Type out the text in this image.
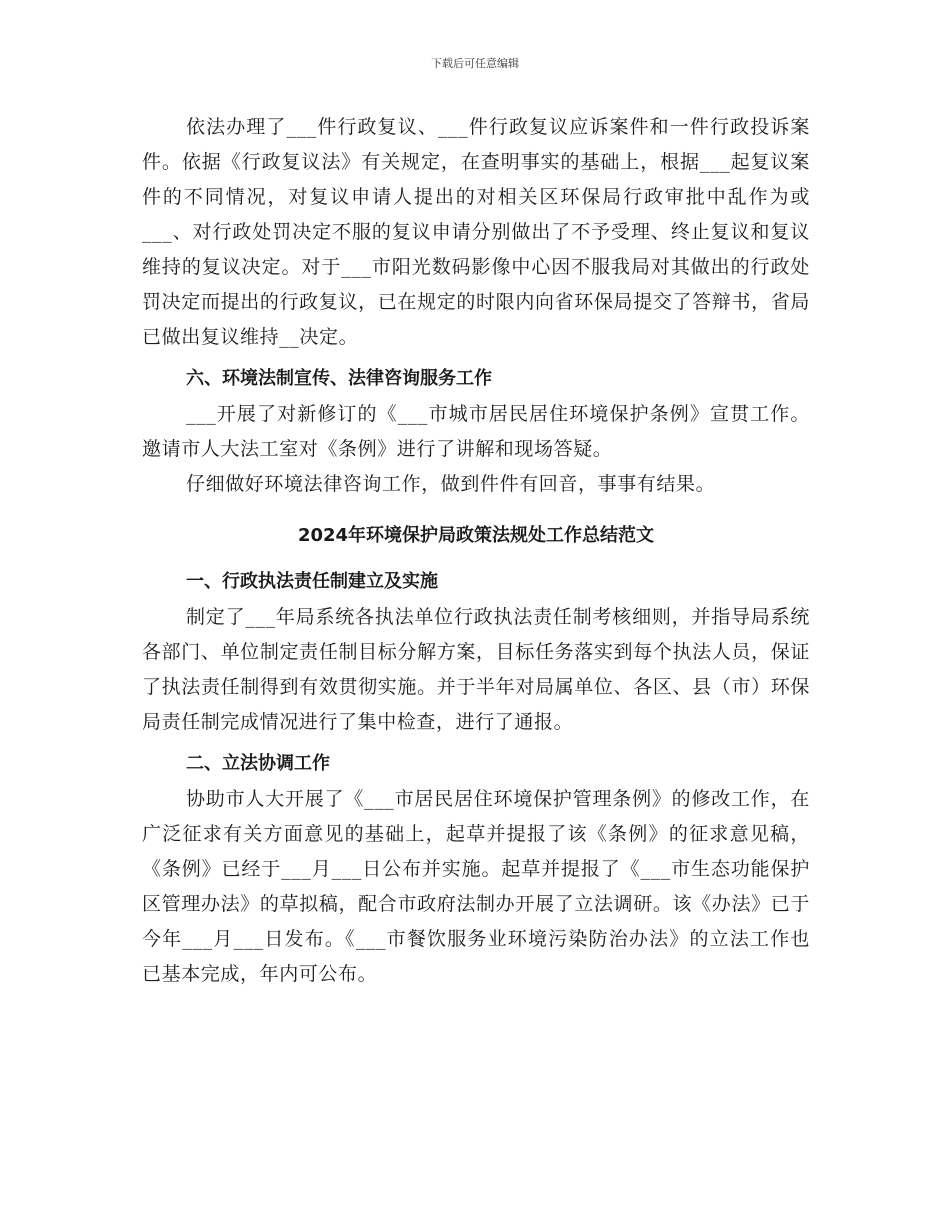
下载后可任意编辑

依法办理了___件行政复议、___件行政复议应诉案件和一件行政投诉案件。依据《行政复议法》有关规定，在查明事实的基础上，根据___起复议案件的不同情况，对复议申请人提出的对相关区环保局行政审批中乱作为或___、对行政处罚决定不服的复议申请分别做出了不予受理、终止复议和复议维持的复议决定。对于___市阳光数码影像中心因不服我局对其做出的行政处罚决定而提出的行政复议，已在规定的时限内向省环保局提交了答辩书，省局已做出复议维持__决定。

六、环境法制宣传、法律咨询服务工作

___开展了对新修订的《___市城市居民居住环境保护条例》宣贯工作。邀请市人大法工室对《条例》进行了讲解和现场答疑。

仔细做好环境法律咨询工作，做到件件有回音，事事有结果。

2024年环境保护局政策法规处工作总结范文
一、行政执法责任制建立及实施

制定了___年局系统各执法单位行政执法责任制考核细则，并指导局系统各部门、单位制定责任制目标分解方案，目标任务落实到每个执法人员，保证了执法责任制得到有效贯彻实施。并于半年对局属单位、各区、县（市）环保局责任制完成情况进行了集中检查，进行了通报。

二、立法协调工作

协助市人大开展了《___市居民居住环境保护管理条例》的修改工作，在广泛征求有关方面意见的基础上，起草并提报了该《条例》的征求意见稿，《条例》已经于___月___日公布并实施。起草并提报了《___市生态功能保护区管理办法》的草拟稿，配合市政府法制办开展了立法调研。该《办法》已于今年___月___日发布。《___市餐饮服务业环境污染防治办法》的立法工作也已基本完成，年内可公布。
